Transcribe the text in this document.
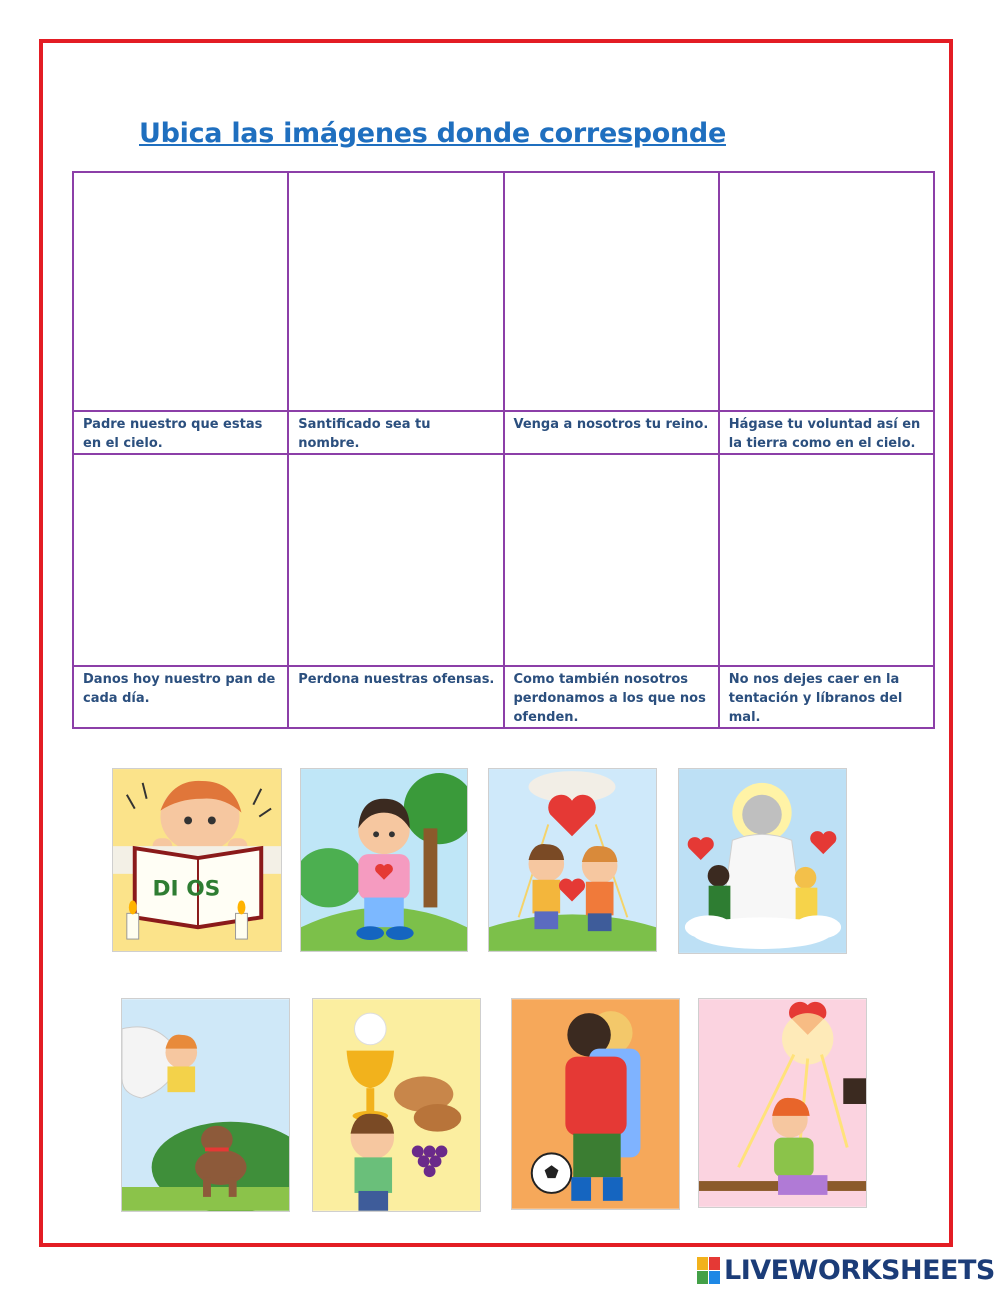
Ubica las imágenes donde corresponde

Padre nuestro que estas en el cielo.	Santificado sea tu nombre.	Venga a nosotros tu reino.	Hágase tu voluntad así en la tierra como en el cielo.

Danos hoy nuestro pan de cada día.	Perdona nuestras ofensas.	Como también nosotros perdonamos a los que nos ofenden.	No nos dejes caer en la tentación y líbranos del mal.
DI OS
LIVEWORKSHEETS
